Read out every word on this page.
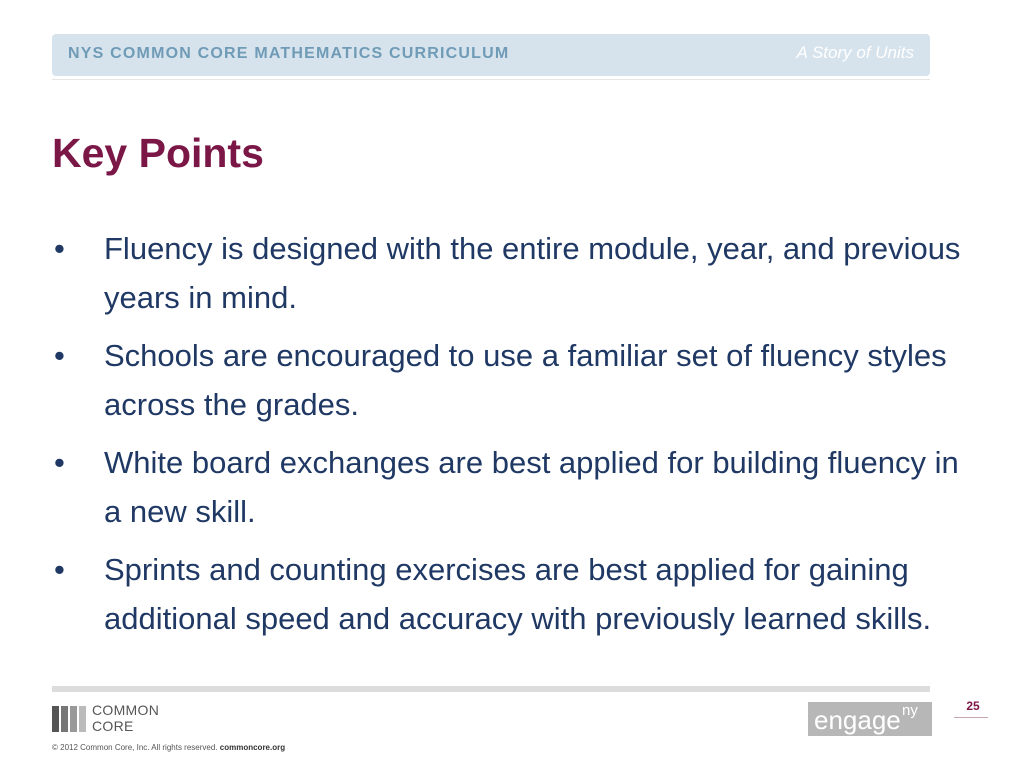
NYS COMMON CORE MATHEMATICS CURRICULUM	A Story of Units
Key Points
• Fluency is designed with the entire module, year, and previous years in mind.
• Schools are encouraged to use a familiar set of fluency styles across the grades.
• White board exchanges are best applied for building fluency in a new skill.
• Sprints and counting exercises are best applied for gaining additional speed and accuracy with previously learned skills.
COMMON
CORE
© 2012 Common Core, Inc. All rights reserved. commoncore.org
engage ny	25
